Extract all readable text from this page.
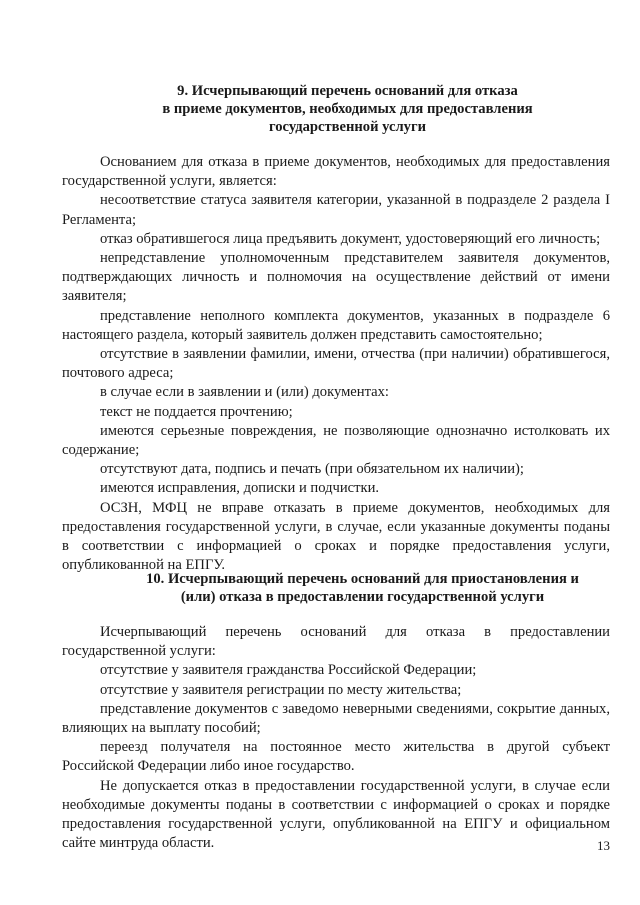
9. Исчерпывающий перечень оснований для отказа
в приеме документов, необходимых для предоставления
государственной услуги

Основанием для отказа в приеме документов, необходимых для предоставления государственной услуги, является:

несоответствие статуса заявителя категории, указанной в подразделе 2 раздела I Регламента;

отказ обратившегося лица предъявить документ, удостоверяющий его личность;

непредставление уполномоченным представителем заявителя документов, подтверждающих личность и полномочия на осуществление действий от имени заявителя;

представление неполного комплекта документов, указанных в подразделе 6 настоящего раздела, который заявитель должен представить самостоятельно;

отсутствие в заявлении фамилии, имени, отчества (при наличии) обратившегося, почтового адреса;

в случае если в заявлении и (или) документах:

текст не поддается прочтению;

имеются серьезные повреждения, не позволяющие однозначно истолковать их содержание;

отсутствуют дата, подпись и печать (при обязательном их наличии);

имеются исправления, дописки и подчистки.

ОСЗН, МФЦ не вправе отказать в приеме документов, необходимых для предоставления государственной услуги, в случае, если указанные документы поданы в соответствии с информацией о сроках и порядке предоставления услуги, опубликованной на ЕПГУ.

10. Исчерпывающий перечень оснований для приостановления и
(или) отказа в предоставлении государственной услуги

Исчерпывающий перечень оснований для отказа в предоставлении государственной услуги:

отсутствие у заявителя гражданства Российской Федерации;

отсутствие у заявителя регистрации по месту жительства;

представление документов с заведомо неверными сведениями, сокрытие данных, влияющих на выплату пособий;

переезд получателя на постоянное место жительства в другой субъект Российской Федерации либо иное государство.

Не допускается отказ в предоставлении государственной услуги, в случае если необходимые документы поданы в соответствии с информацией о сроках и порядке предоставления государственной услуги, опубликованной на ЕПГУ и официальном сайте минтруда области.	13
